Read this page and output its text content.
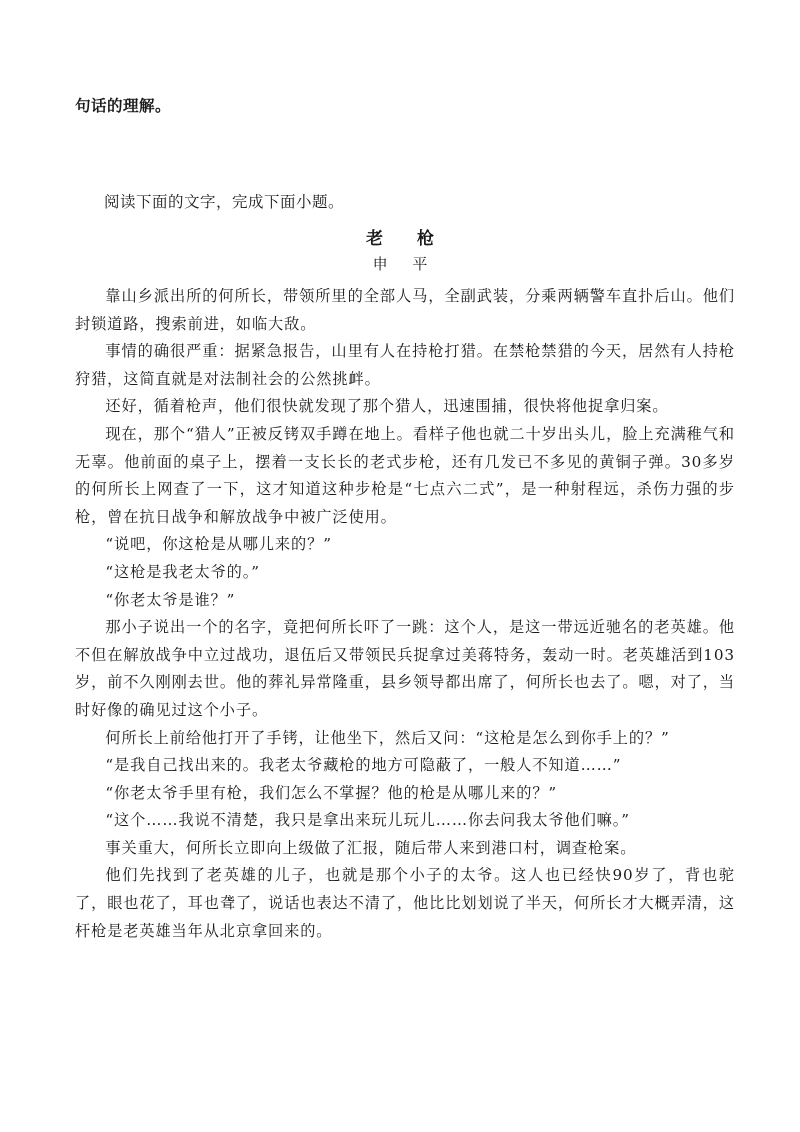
句话的理解。
阅读下面的文字，完成下面小题。
老 枪
申 平

靠山乡派出所的何所长，带领所里的全部人马，全副武装，分乘两辆警车直扑后山。他们封锁道路，搜索前进，如临大敌。

事情的确很严重：据紧急报告，山里有人在持枪打猎。在禁枪禁猎的今天，居然有人持枪狩猎，这简直就是对法制社会的公然挑衅。

还好，循着枪声，他们很快就发现了那个猎人，迅速围捕，很快将他捉拿归案。

现在，那个“猎人”正被反铐双手蹲在地上。看样子他也就二十岁出头儿，脸上充满稚气和无辜。他前面的桌子上，摆着一支长长的老式步枪，还有几发已不多见的黄铜子弹。30多岁的何所长上网查了一下，这才知道这种步枪是“七点六二式”，是一种射程远，杀伤力强的步枪，曾在抗日战争和解放战争中被广泛使用。

“说吧，你这枪是从哪儿来的？”

“这枪是我老太爷的。”

“你老太爷是谁？”

那小子说出一个的名字，竟把何所长吓了一跳：这个人，是这一带远近驰名的老英雄。他不但在解放战争中立过战功，退伍后又带领民兵捉拿过美蒋特务，轰动一时。老英雄活到103岁，前不久刚刚去世。他的葬礼异常隆重，县乡领导都出席了，何所长也去了。嗯，对了，当时好像的确见过这个小子。

何所长上前给他打开了手铐，让他坐下，然后又问：“这枪是怎么到你手上的？”

“是我自己找出来的。我老太爷藏枪的地方可隐蔽了，一般人不知道……”

“你老太爷手里有枪，我们怎么不掌握？他的枪是从哪儿来的？”

“这个……我说不清楚，我只是拿出来玩儿玩儿……你去问我太爷他们嘛。”

事关重大，何所长立即向上级做了汇报，随后带人来到港口村，调查枪案。

他们先找到了老英雄的儿子，也就是那个小子的太爷。这人也已经快90岁了，背也驼了，眼也花了，耳也聋了，说话也表达不清了，他比比划划说了半天，何所长才大概弄清，这杆枪是老英雄当年从北京拿回来的。
